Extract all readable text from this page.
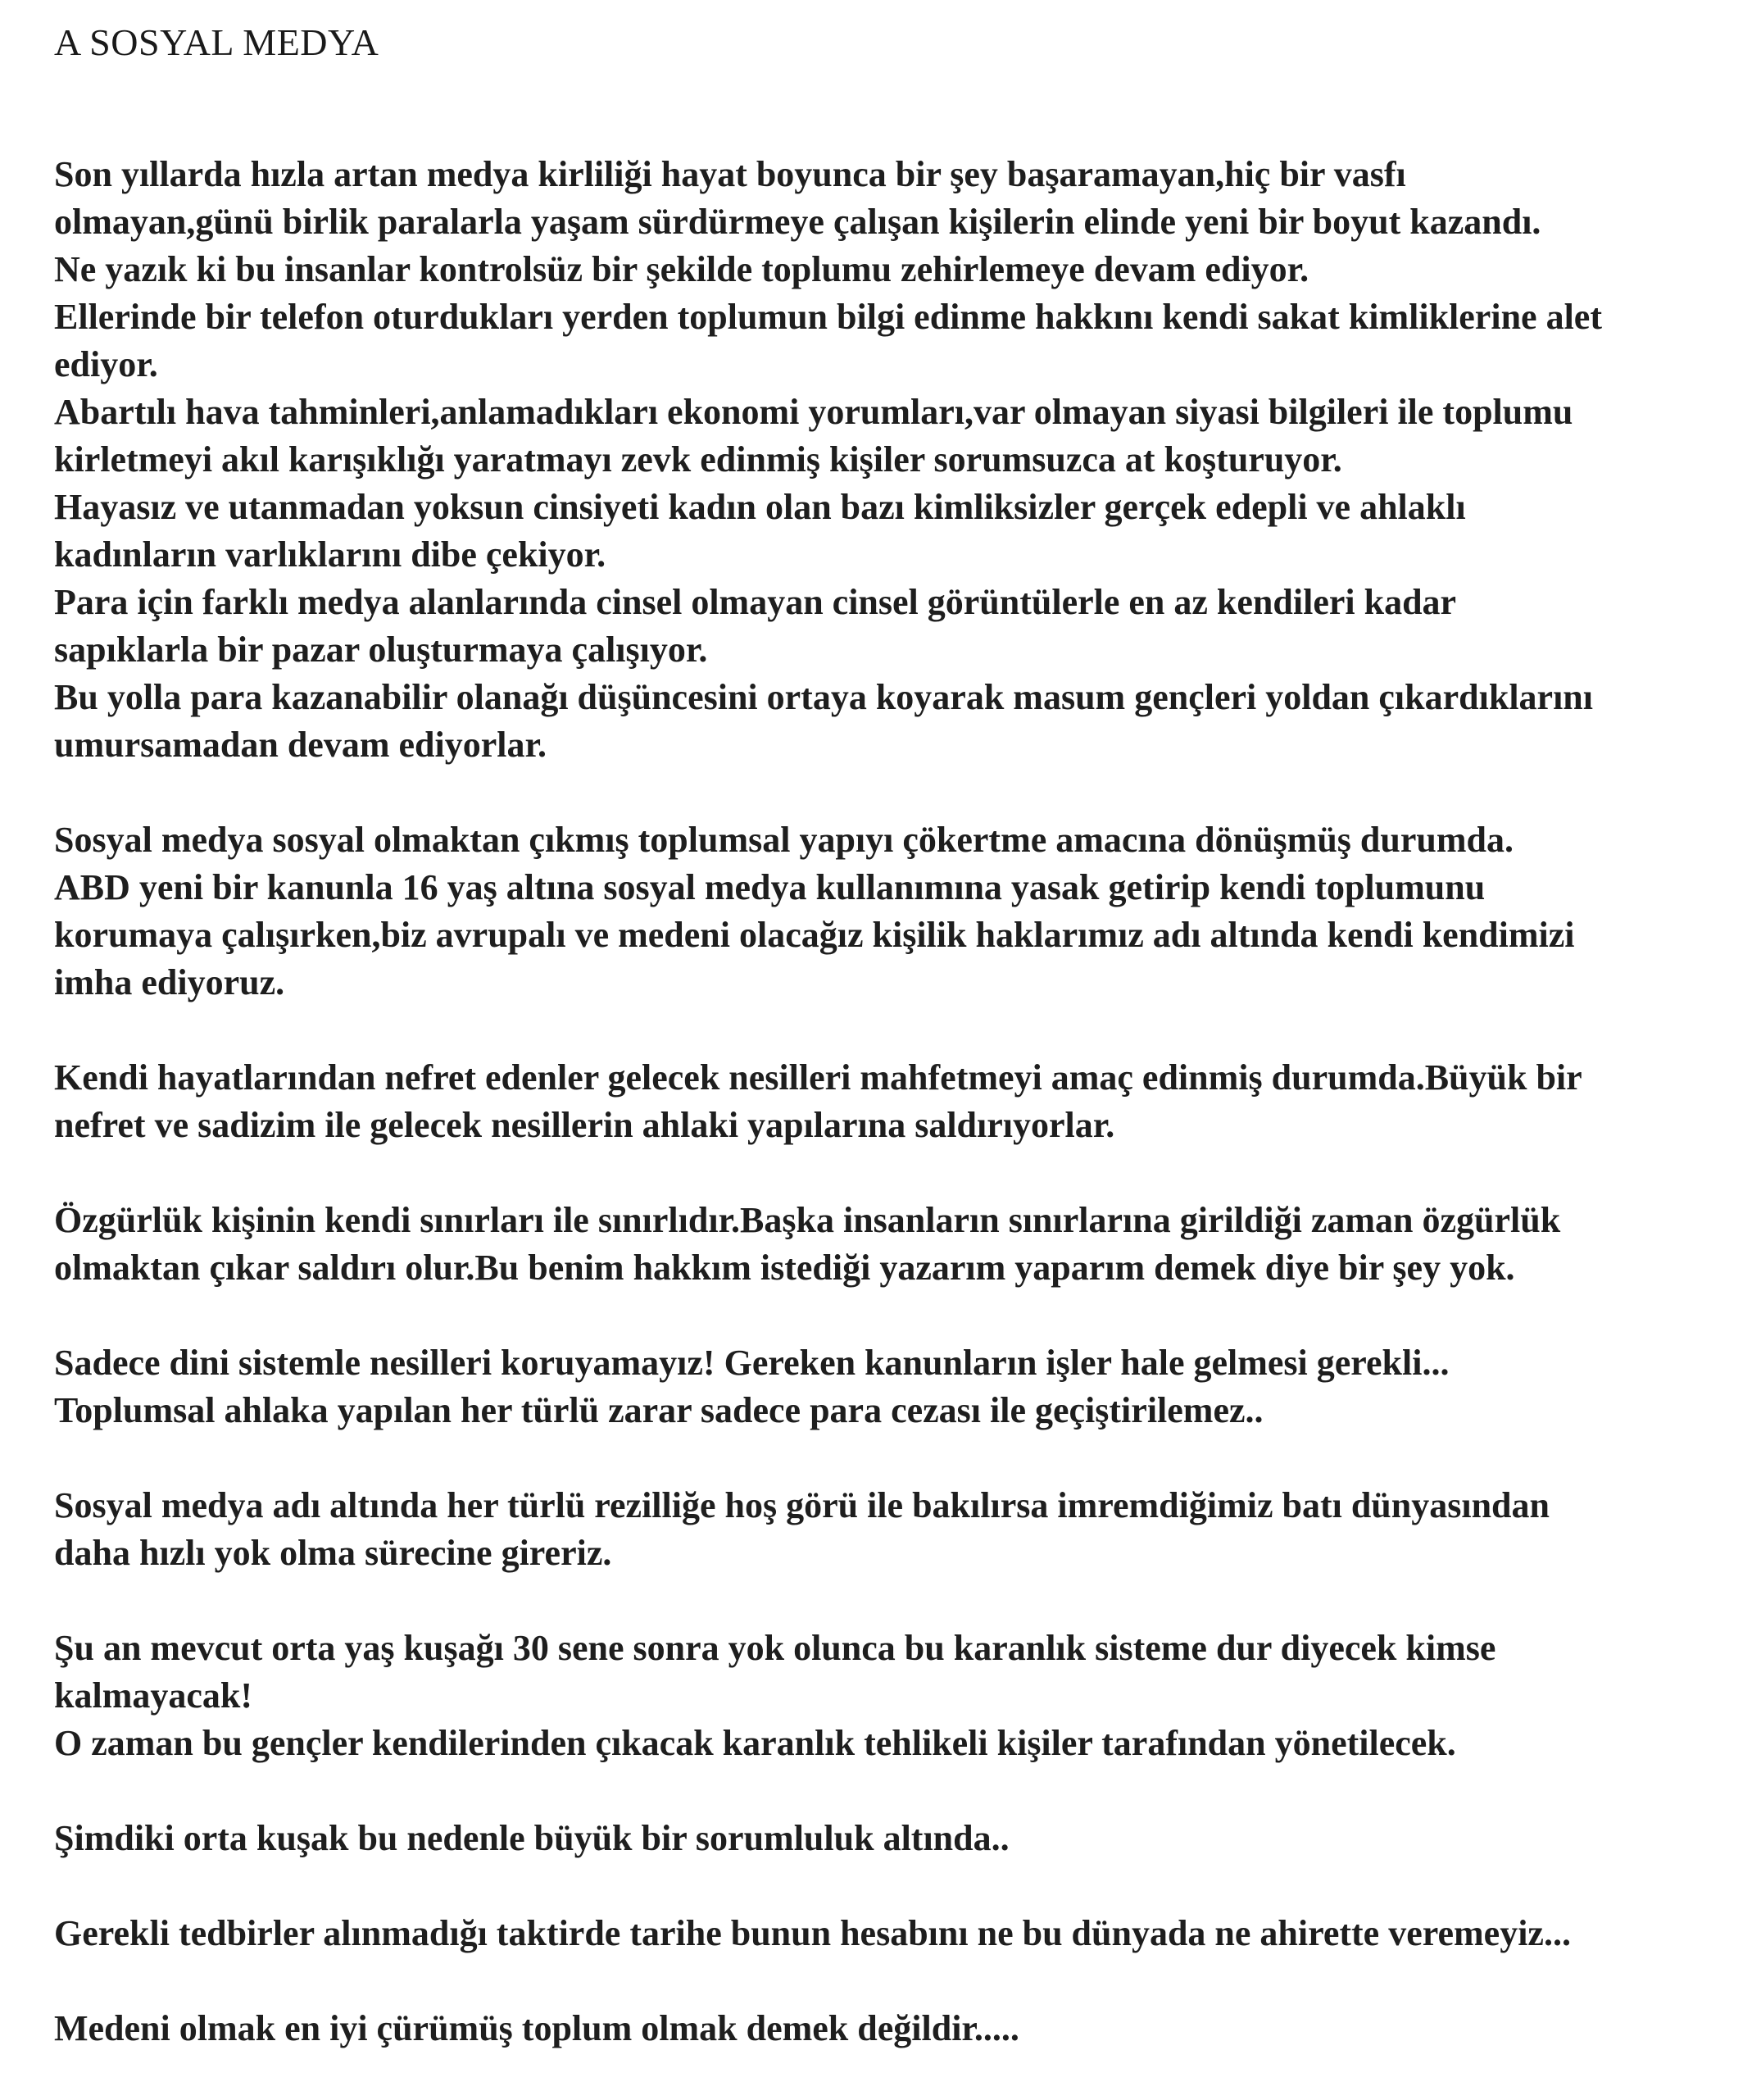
A SOSYAL MEDYA
Son yıllarda hızla artan medya kirliliği hayat boyunca bir şey başaramayan,hiç bir vasfı
olmayan,günü birlik paralarla yaşam sürdürmeye çalışan kişilerin elinde yeni bir boyut kazandı.
Ne yazık ki bu insanlar kontrolsüz bir şekilde toplumu zehirlemeye devam ediyor.
Ellerinde bir telefon oturdukları yerden toplumun bilgi edinme hakkını kendi sakat kimliklerine alet
ediyor.
Abartılı hava tahminleri,anlamadıkları ekonomi yorumları,var olmayan siyasi bilgileri ile toplumu
kirletmeyi akıl karışıklığı yaratmayı zevk edinmiş kişiler sorumsuzca at koşturuyor.
Hayasız ve utanmadan yoksun cinsiyeti kadın olan bazı kimliksizler gerçek edepli ve ahlaklı
kadınların varlıklarını dibe çekiyor.
Para için farklı medya alanlarında cinsel olmayan cinsel görüntülerle en az kendileri kadar
sapıklarla bir pazar oluşturmaya çalışıyor.
Bu yolla para kazanabilir olanağı düşüncesini ortaya koyarak masum gençleri yoldan çıkardıklarını
umursamadan devam ediyorlar.
Sosyal medya sosyal olmaktan çıkmış toplumsal yapıyı çökertme amacına dönüşmüş durumda.
ABD yeni bir kanunla 16 yaş altına sosyal medya kullanımına yasak getirip kendi toplumunu
korumaya çalışırken,biz avrupalı ve medeni olacağız kişilik haklarımız adı altında kendi kendimizi
imha ediyoruz.
Kendi hayatlarından nefret edenler gelecek nesilleri mahfetmeyi amaç edinmiş durumda.Büyük bir
nefret ve sadizim ile gelecek nesillerin ahlaki yapılarına saldırıyorlar.
Özgürlük kişinin kendi sınırları ile sınırlıdır.Başka insanların sınırlarına girildiği zaman özgürlük
olmaktan çıkar saldırı olur.Bu benim hakkım istediği yazarım yaparım demek diye bir şey yok.
Sadece dini sistemle nesilleri koruyamayız! Gereken kanunların işler hale gelmesi gerekli...
Toplumsal ahlaka yapılan her türlü zarar sadece para cezası ile geçiştirilemez..
Sosyal medya adı altında her türlü rezilliğe hoş görü ile bakılırsa imremdiğimiz batı dünyasından
daha hızlı yok olma sürecine gireriz.
Şu an mevcut orta yaş kuşağı 30 sene sonra yok olunca bu karanlık sisteme dur diyecek kimse
kalmayacak!
O zaman bu gençler kendilerinden çıkacak karanlık tehlikeli kişiler tarafından yönetilecek.
Şimdiki orta kuşak bu nedenle büyük bir sorumluluk altında..
Gerekli tedbirler alınmadığı taktirde tarihe bunun hesabını ne bu dünyada ne ahirette veremeyiz...
Medeni olmak en iyi çürümüş toplum olmak demek değildir.....
